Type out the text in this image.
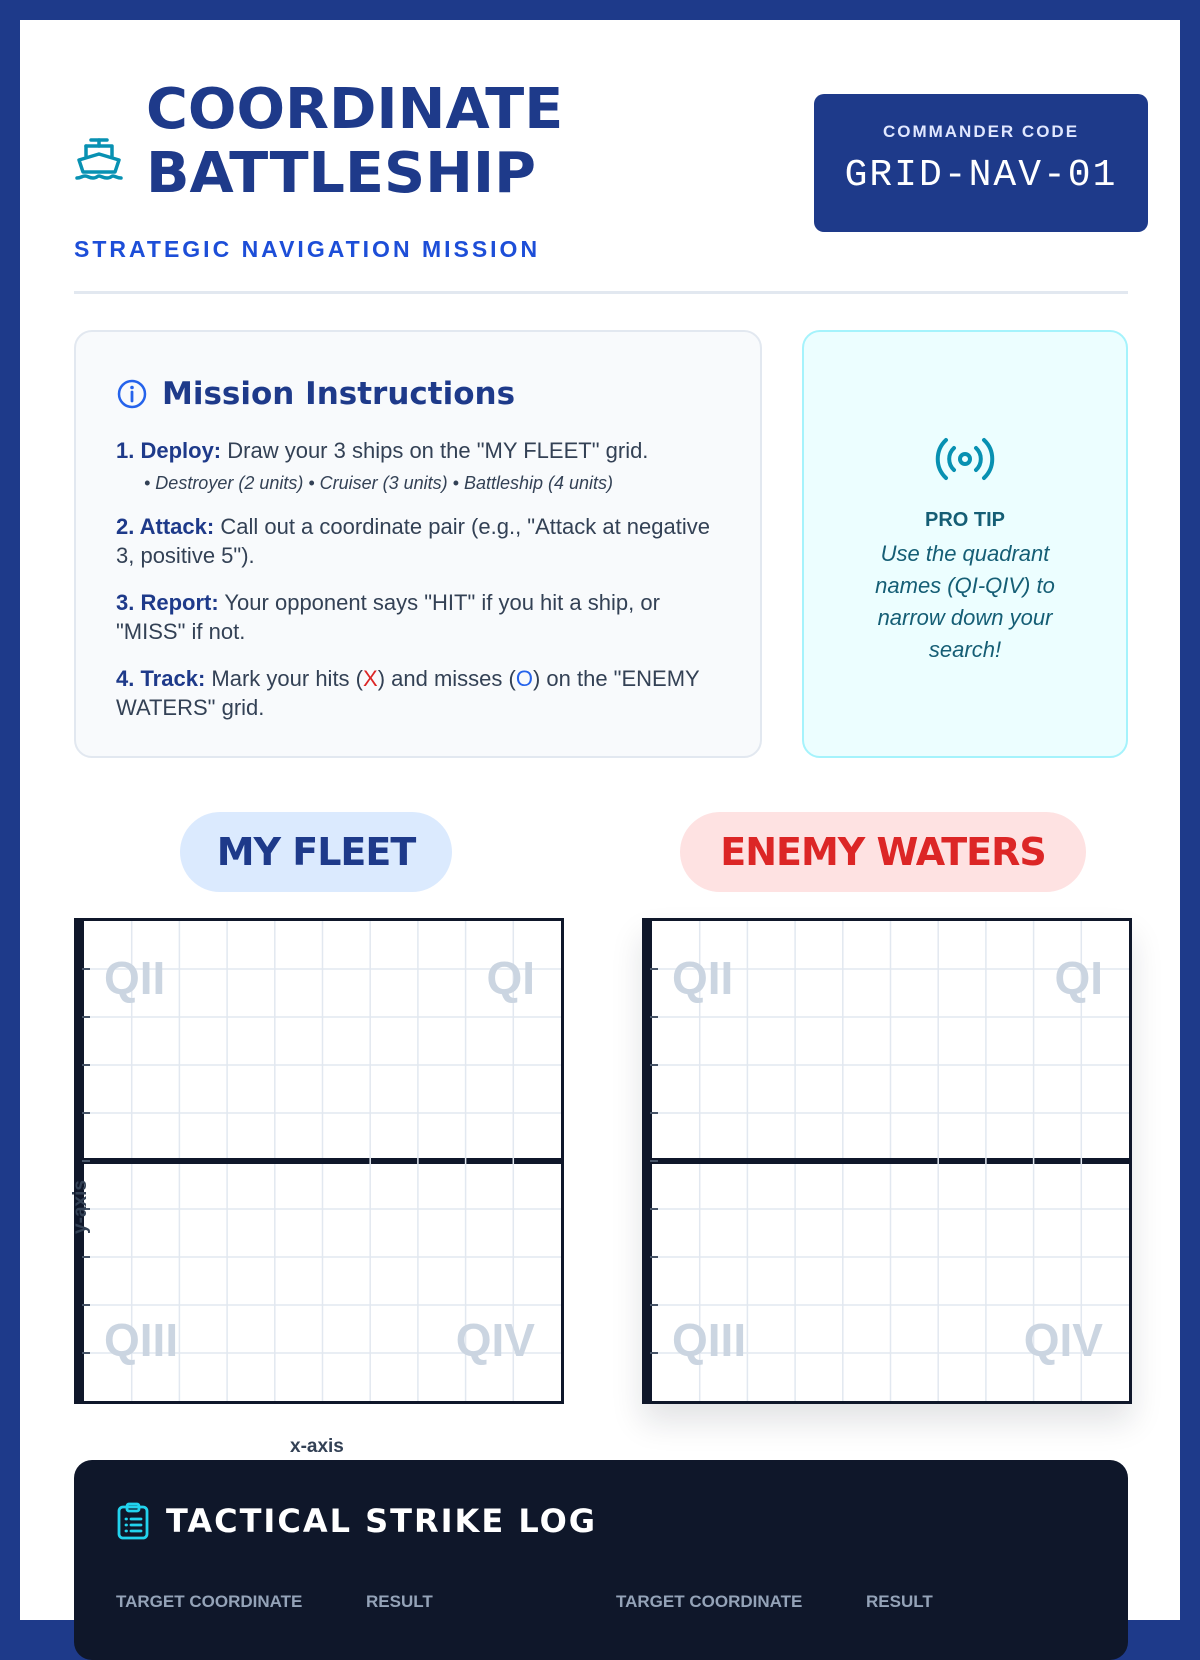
COORDINATE BATTLESHIP
STRATEGIC NAVIGATION MISSION
COMMANDER CODE
GRID-NAV-01
Mission Instructions
1. Deploy: Draw your 3 ships on the "MY FLEET" grid.
• Destroyer (2 units) • Cruiser (3 units) • Battleship (4 units)
2. Attack: Call out a coordinate pair (e.g., "Attack at negative 3, positive 5").
3. Report: Your opponent says "HIT" if you hit a ship, or "MISS" if not.
4. Track: Mark your hits (X) and misses (O) on the "ENEMY WATERS" grid.
PRO TIP
Use the quadrant names (QI-QIV) to narrow down your search!
MY FLEET	ENEMY WATERS
QII	QI
QIII	QIV
y-axis
x-axis
QII	QI
QIII	QIV
TACTICAL STRIKE LOG
TARGET COORDINATE	RESULT	TARGET COORDINATE	RESULT
